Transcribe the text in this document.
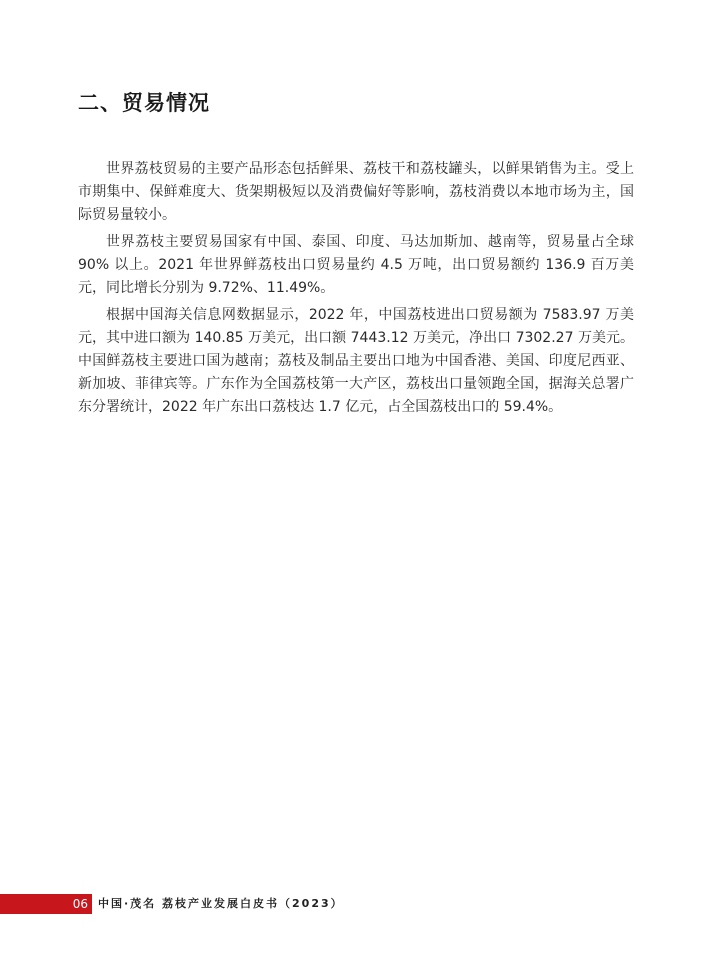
二、贸易情况

世界荔枝贸易的主要产品形态包括鲜果、荔枝干和荔枝罐头，以鲜果销售为主。受上市期集中、保鲜难度大、货架期极短以及消费偏好等影响，荔枝消费以本地市场为主，国际贸易量较小。

世界荔枝主要贸易国家有中国、泰国、印度、马达加斯加、越南等，贸易量占全球 90% 以上。2021 年世界鲜荔枝出口贸易量约 4.5 万吨，出口贸易额约 136.9 百万美元，同比增长分别为 9.72%、11.49%。

根据中国海关信息网数据显示，2022 年，中国荔枝进出口贸易额为 7583.97 万美元，其中进口额为 140.85 万美元，出口额 7443.12 万美元，净出口 7302.27 万美元。中国鲜荔枝主要进口国为越南；荔枝及制品主要出口地为中国香港、美国、印度尼西亚、新加坡、菲律宾等。广东作为全国荔枝第一大产区，荔枝出口量领跑全国，据海关总署广东分署统计，2022 年广东出口荔枝达 1.7 亿元，占全国荔枝出口的 59.4%。

06 中国·茂名 荔枝产业发展白皮书（2023）
